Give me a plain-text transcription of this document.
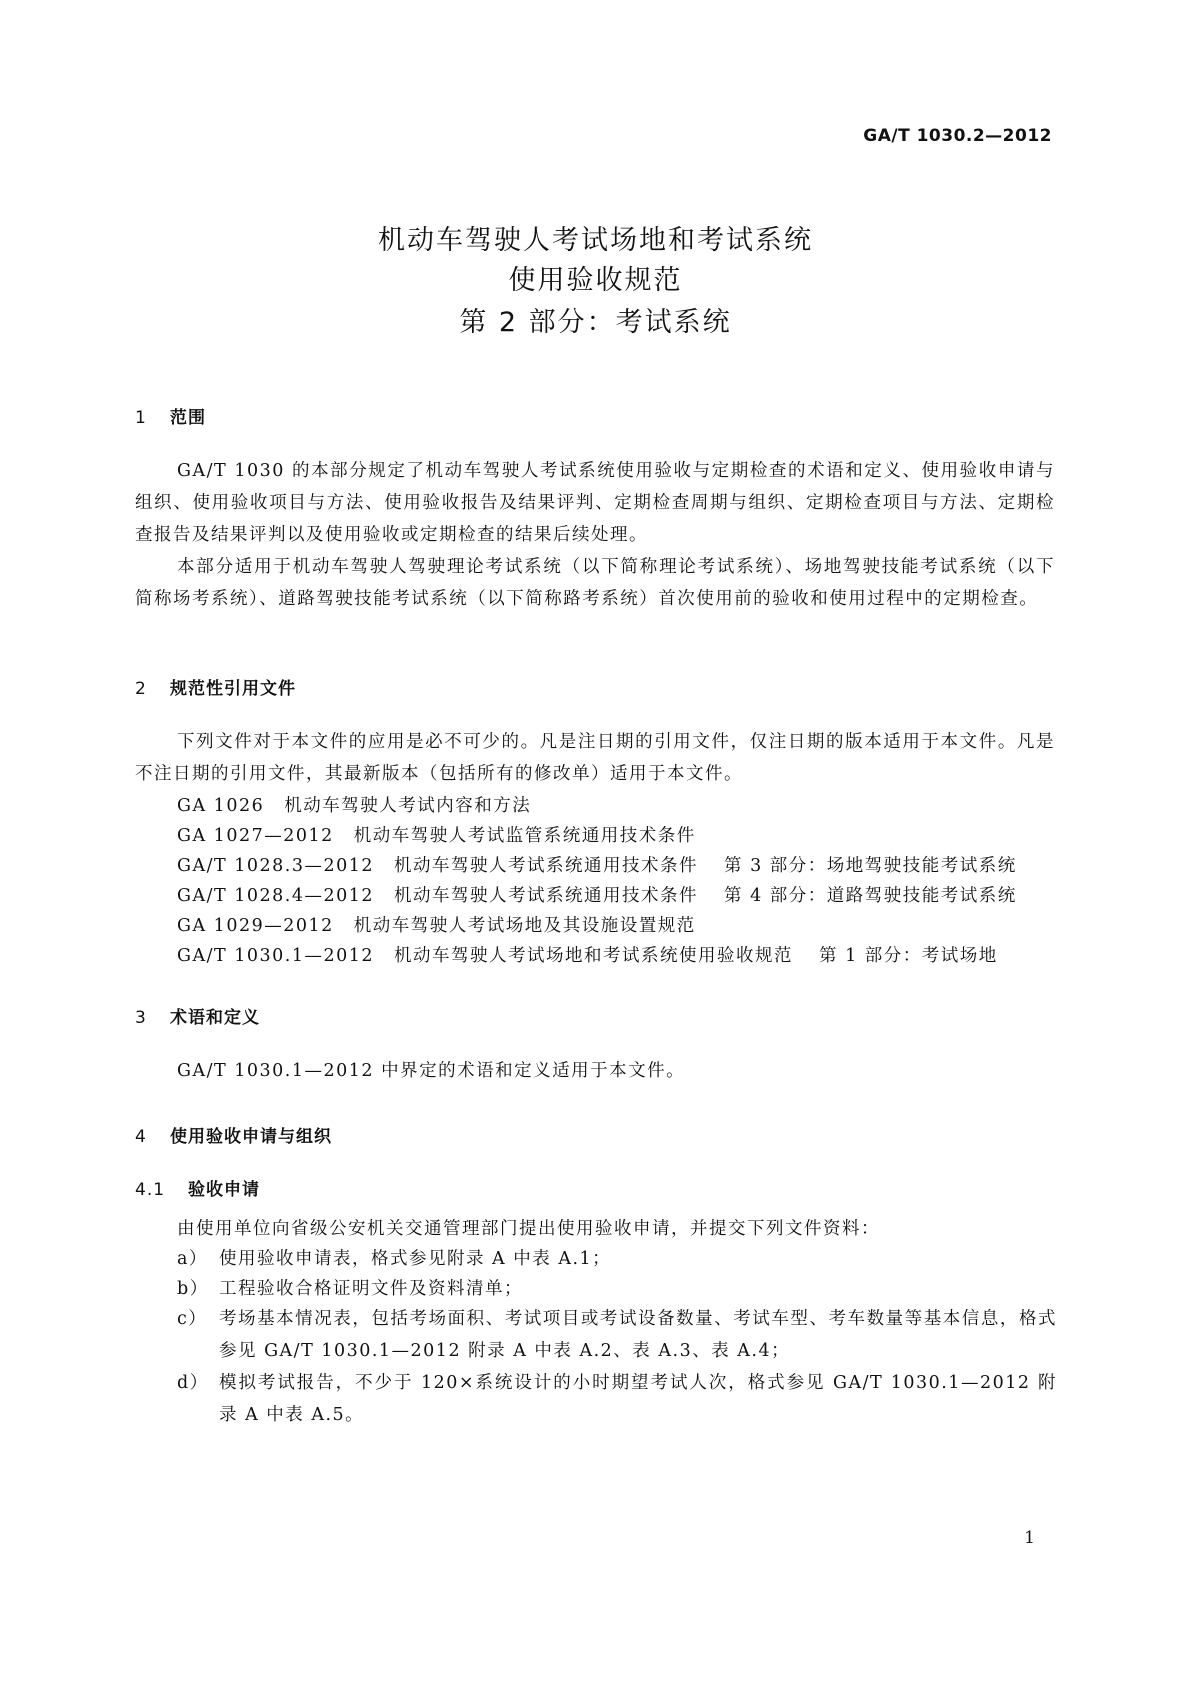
GA/T 1030.2—2012
机动车驾驶人考试场地和考试系统
使用验收规范
第 2 部分：考试系统
1 范围
GA/T 1030 的本部分规定了机动车驾驶人考试系统使用验收与定期检查的术语和定义、使用验收申请与组织、使用验收项目与方法、使用验收报告及结果评判、定期检查周期与组织、定期检查项目与方法、定期检查报告及结果评判以及使用验收或定期检查的结果后续处理。
本部分适用于机动车驾驶人驾驶理论考试系统（以下简称理论考试系统）、场地驾驶技能考试系统（以下简称场考系统）、道路驾驶技能考试系统（以下简称路考系统）首次使用前的验收和使用过程中的定期检查。
2 规范性引用文件
下列文件对于本文件的应用是必不可少的。凡是注日期的引用文件，仅注日期的版本适用于本文件。凡是不注日期的引用文件，其最新版本（包括所有的修改单）适用于本文件。
GA 1026 机动车驾驶人考试内容和方法
GA 1027—2012 机动车驾驶人考试监管系统通用技术条件
GA/T 1028.3—2012 机动车驾驶人考试系统通用技术条件 第 3 部分：场地驾驶技能考试系统
GA/T 1028.4—2012 机动车驾驶人考试系统通用技术条件 第 4 部分：道路驾驶技能考试系统
GA 1029—2012 机动车驾驶人考试场地及其设施设置规范
GA/T 1030.1—2012 机动车驾驶人考试场地和考试系统使用验收规范 第 1 部分：考试场地
3 术语和定义
GA/T 1030.1—2012 中界定的术语和定义适用于本文件。
4 使用验收申请与组织
4.1 验收申请
由使用单位向省级公安机关交通管理部门提出使用验收申请，并提交下列文件资料：
a） 使用验收申请表，格式参见附录 A 中表 A.1；
b） 工程验收合格证明文件及资料清单；
c） 考场基本情况表，包括考场面积、考试项目或考试设备数量、考试车型、考车数量等基本信息，格式参见 GA/T 1030.1—2012 附录 A 中表 A.2、表 A.3、表 A.4；
d） 模拟考试报告，不少于 120×系统设计的小时期望考试人次，格式参见 GA/T 1030.1—2012 附录 A 中表 A.5。
1
